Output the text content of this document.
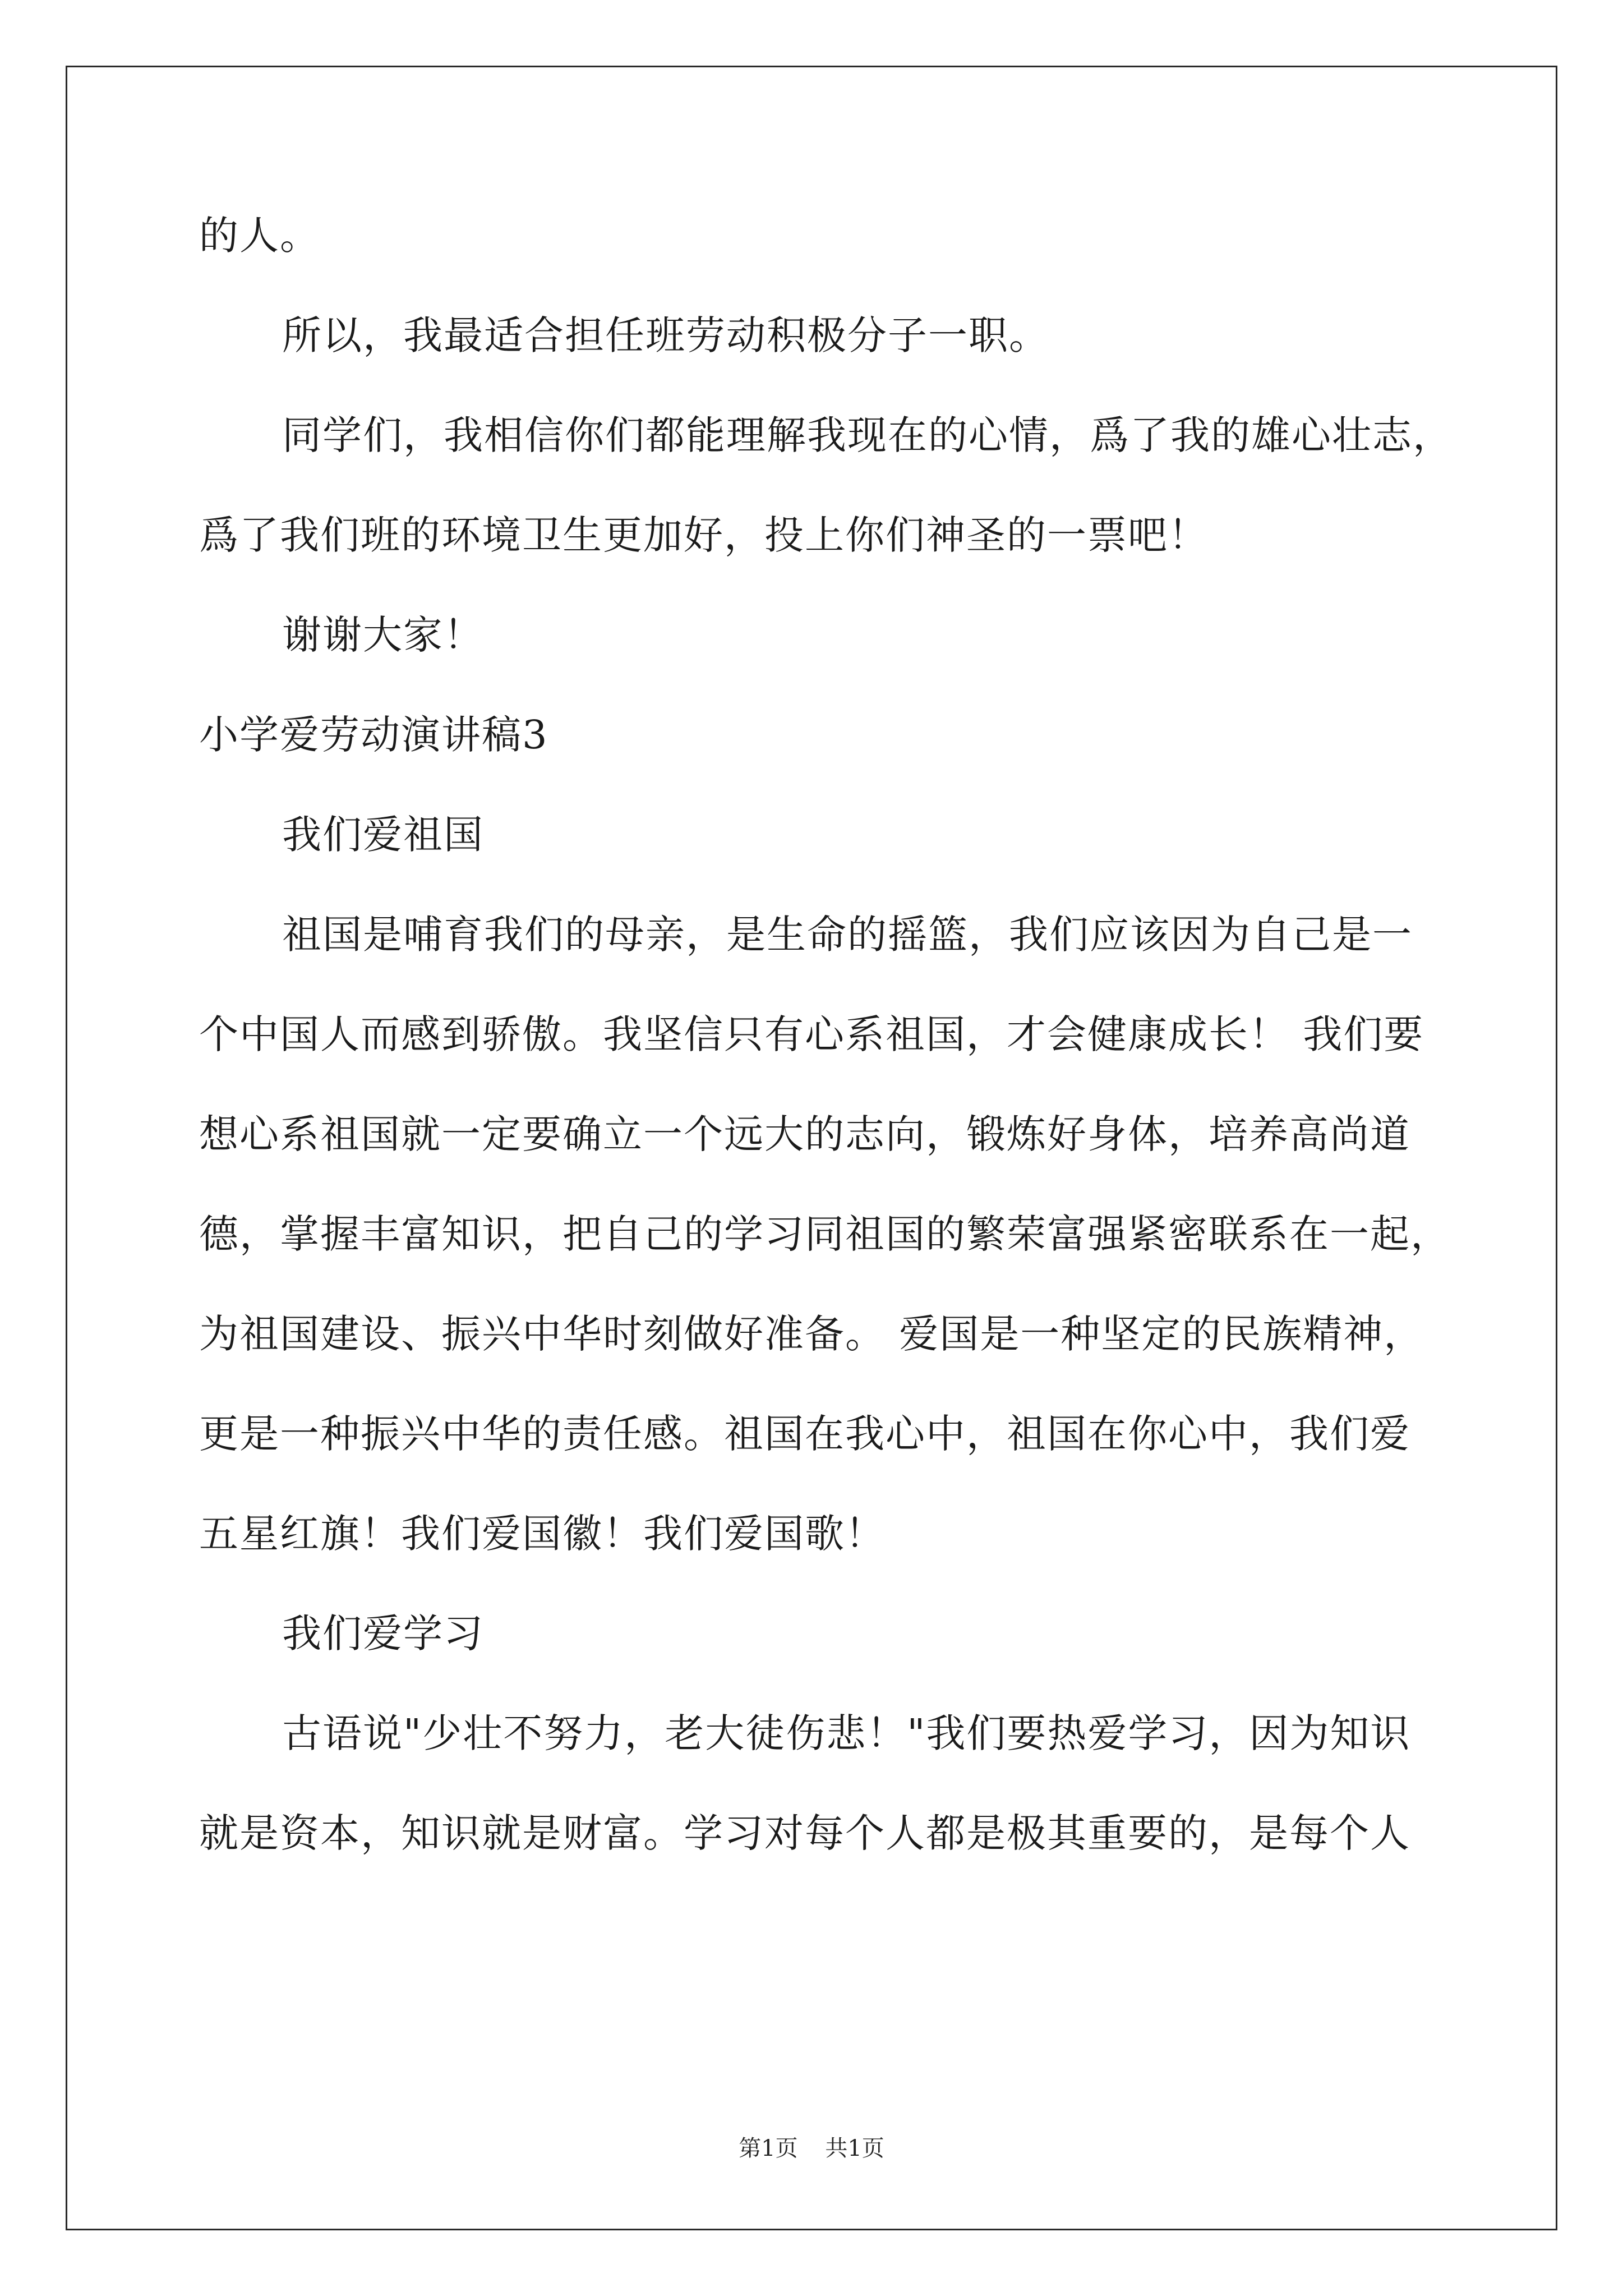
的人。
所以，我最适合担任班劳动积极分子一职。
同学们，我相信你们都能理解我现在的心情，爲了我的雄心壮志，
爲了我们班的环境卫生更加好，投上你们神圣的一票吧！
谢谢大家！
小学爱劳动演讲稿3
我们爱祖国
祖国是哺育我们的母亲，是生命的摇篮，我们应该因为自己是一
个中国人而感到骄傲。我坚信只有心系祖国，才会健康成长！ 我们要
想心系祖国就一定要确立一个远大的志向，锻炼好身体，培养高尚道
德，掌握丰富知识，把自己的学习同祖国的繁荣富强紧密联系在一起，
为祖国建设、振兴中华时刻做好准备。 爱国是一种坚定的民族精神，
更是一种振兴中华的责任感。祖国在我心中，祖国在你心中，我们爱
五星红旗！我们爱国徽！我们爱国歌！
我们爱学习
古语说"少壮不努力，老大徒伤悲！"我们要热爱学习，因为知识
就是资本，知识就是财富。学习对每个人都是极其重要的，是每个人
第1页 共1页
